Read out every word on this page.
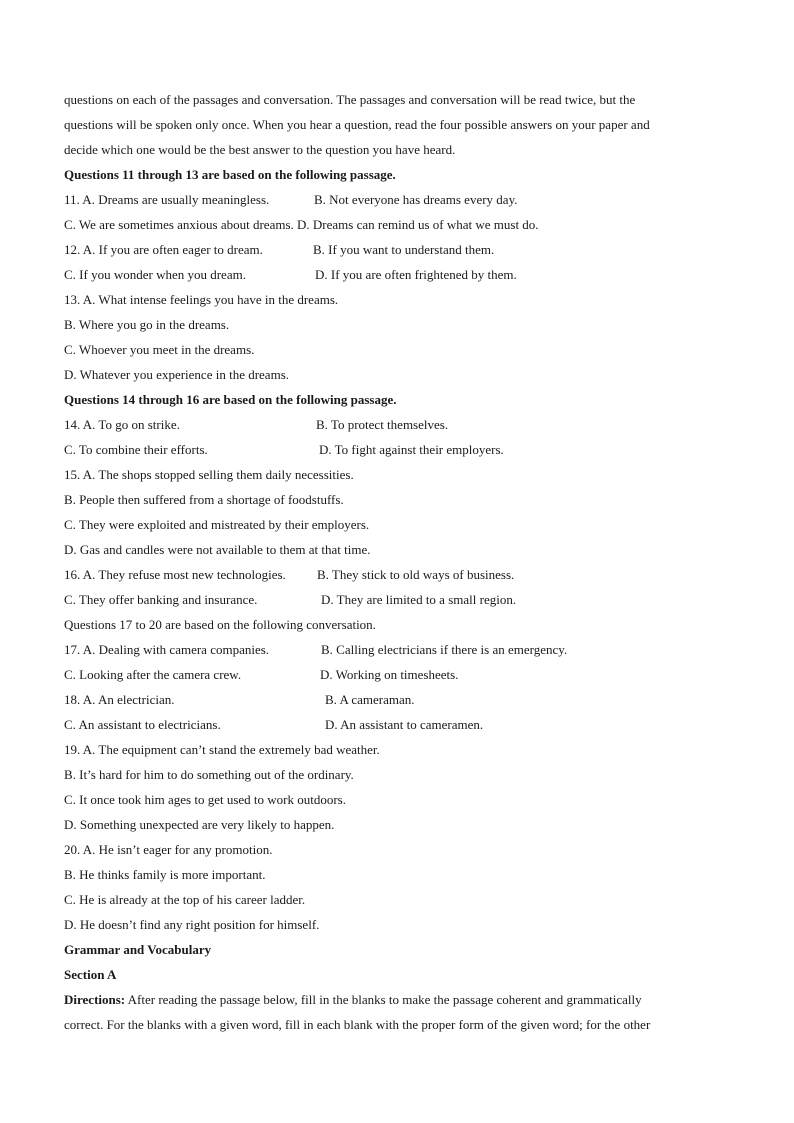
questions on each of the passages and conversation. The passages and conversation will be read twice, but the
questions will be spoken only once. When you hear a question, read the four possible answers on your paper and
decide which one would be the best answer to the question you have heard.
Questions 11 through 13 are based on the following passage.
11. A. Dreams are usually meaningless.	B. Not everyone has dreams every day.
C. We are sometimes anxious about dreams. D. Dreams can remind us of what we must do.
12. A. If you are often eager to dream.	B. If you want to understand them.
C. If you wonder when you dream.	D. If you are often frightened by them.
13. A. What intense feelings you have in the dreams.
B. Where you go in the dreams.
C. Whoever you meet in the dreams.
D. Whatever you experience in the dreams.
Questions 14 through 16 are based on the following passage.
14. A. To go on strike.	B. To protect themselves.
C. To combine their efforts.	D. To fight against their employers.
15. A. The shops stopped selling them daily necessities.
B. People then suffered from a shortage of foodstuffs.
C. They were exploited and mistreated by their employers.
D. Gas and candles were not available to them at that time.
16. A. They refuse most new technologies. B. They stick to old ways of business.
C. They offer banking and insurance.	D. They are limited to a small region.
Questions 17 to 20 are based on the following conversation.
17. A. Dealing with camera companies.	B. Calling electricians if there is an emergency.
C. Looking after the camera crew.	D. Working on timesheets.
18. A. An electrician.	B. A cameraman.
C. An assistant to electricians.	D. An assistant to cameramen.
19. A. The equipment can’t stand the extremely bad weather.
B. It’s hard for him to do something out of the ordinary.
C. It once took him ages to get used to work outdoors.
D. Something unexpected are very likely to happen.
20. A. He isn’t eager for any promotion.
B. He thinks family is more important.
C. He is already at the top of his career ladder.
D. He doesn’t find any right position for himself.
Grammar and Vocabulary
Section A
Directions: After reading the passage below, fill in the blanks to make the passage coherent and grammatically
correct. For the blanks with a given word, fill in each blank with the proper form of the given word; for the other
